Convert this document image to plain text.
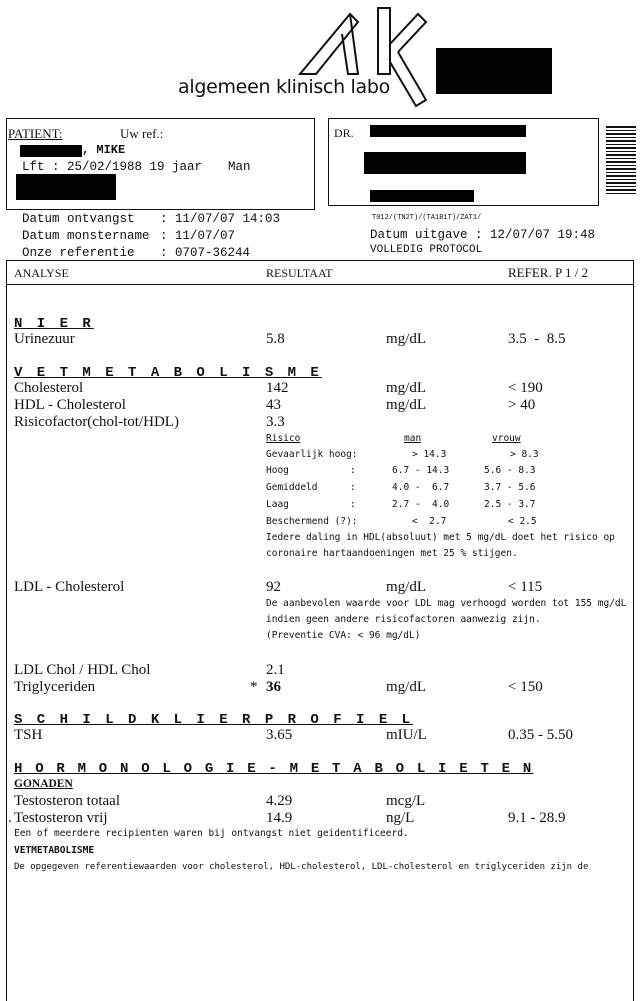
algemeen klinisch labo
PATIENT:	Uw ref.:
, MIKE
Lft : 25/02/1988 19 jaar Man
DR.
Datum ontvangst : 11/07/07 14:03
Datum monstername : 11/07/07
Onze referentie : 0707-36244
T012/(TN2T)/(TA1B1T)/ZAT1/
Datum uitgave : 12/07/07 19:48
VOLLEDIG PROTOCOL
ANALYSE	RESULTAAT	REFER. P 1 / 2
N I E R
Urinezuur	5.8	mg/dL	3.5  -  8.5
V E T M E T A B O L I S M E
Cholesterol	142	mg/dL	< 190
HDL - Cholesterol	43	mg/dL	> 40
Risicofactor(chol-tot/HDL)	3.3
Risico	man	vrouw
Gevaarlijk hoog:	> 14.3	> 8.3
Hoog	:	6.7 - 14.3	5.6 - 8.3
Gemiddeld	:	4.0 -  6.7	3.7 - 5.6
Laag	:	2.7 -  4.0	2.5 - 3.7
Beschermend (?):	<  2.7	< 2.5
Iedere daling in HDL(absoluut) met 5 mg/dL doet het risico op
coronaire hartaandoeningen met 25 % stijgen.
LDL - Cholesterol	92	mg/dL	< 115
De aanbevolen waarde voor LDL mag verhoogd worden tot 155 mg/dL
indien geen andere risicofactoren aanwezig zijn.
(Preventie CVA: < 96 mg/dL)
LDL Chol / HDL Chol	2.1
Triglyceriden	* 36	mg/dL	< 150
S C H I L D K L I E R P R O F I E L
TSH	3.65	mIU/L	0.35 - 5.50
H O R M O N O L O G I E - M E T A B O L I E T E N
GONADEN
Testosteron totaal	4.29	mcg/L
. Testosteron vrij	14.9	ng/L	9.1 - 28.9
Een of meerdere recipienten waren bij ontvangst niet geidentificeerd.
VETMETABOLISME
De opgegeven referentiewaarden voor cholesterol, HDL-cholesterol, LDL-cholesterol en triglyceriden zijn de
